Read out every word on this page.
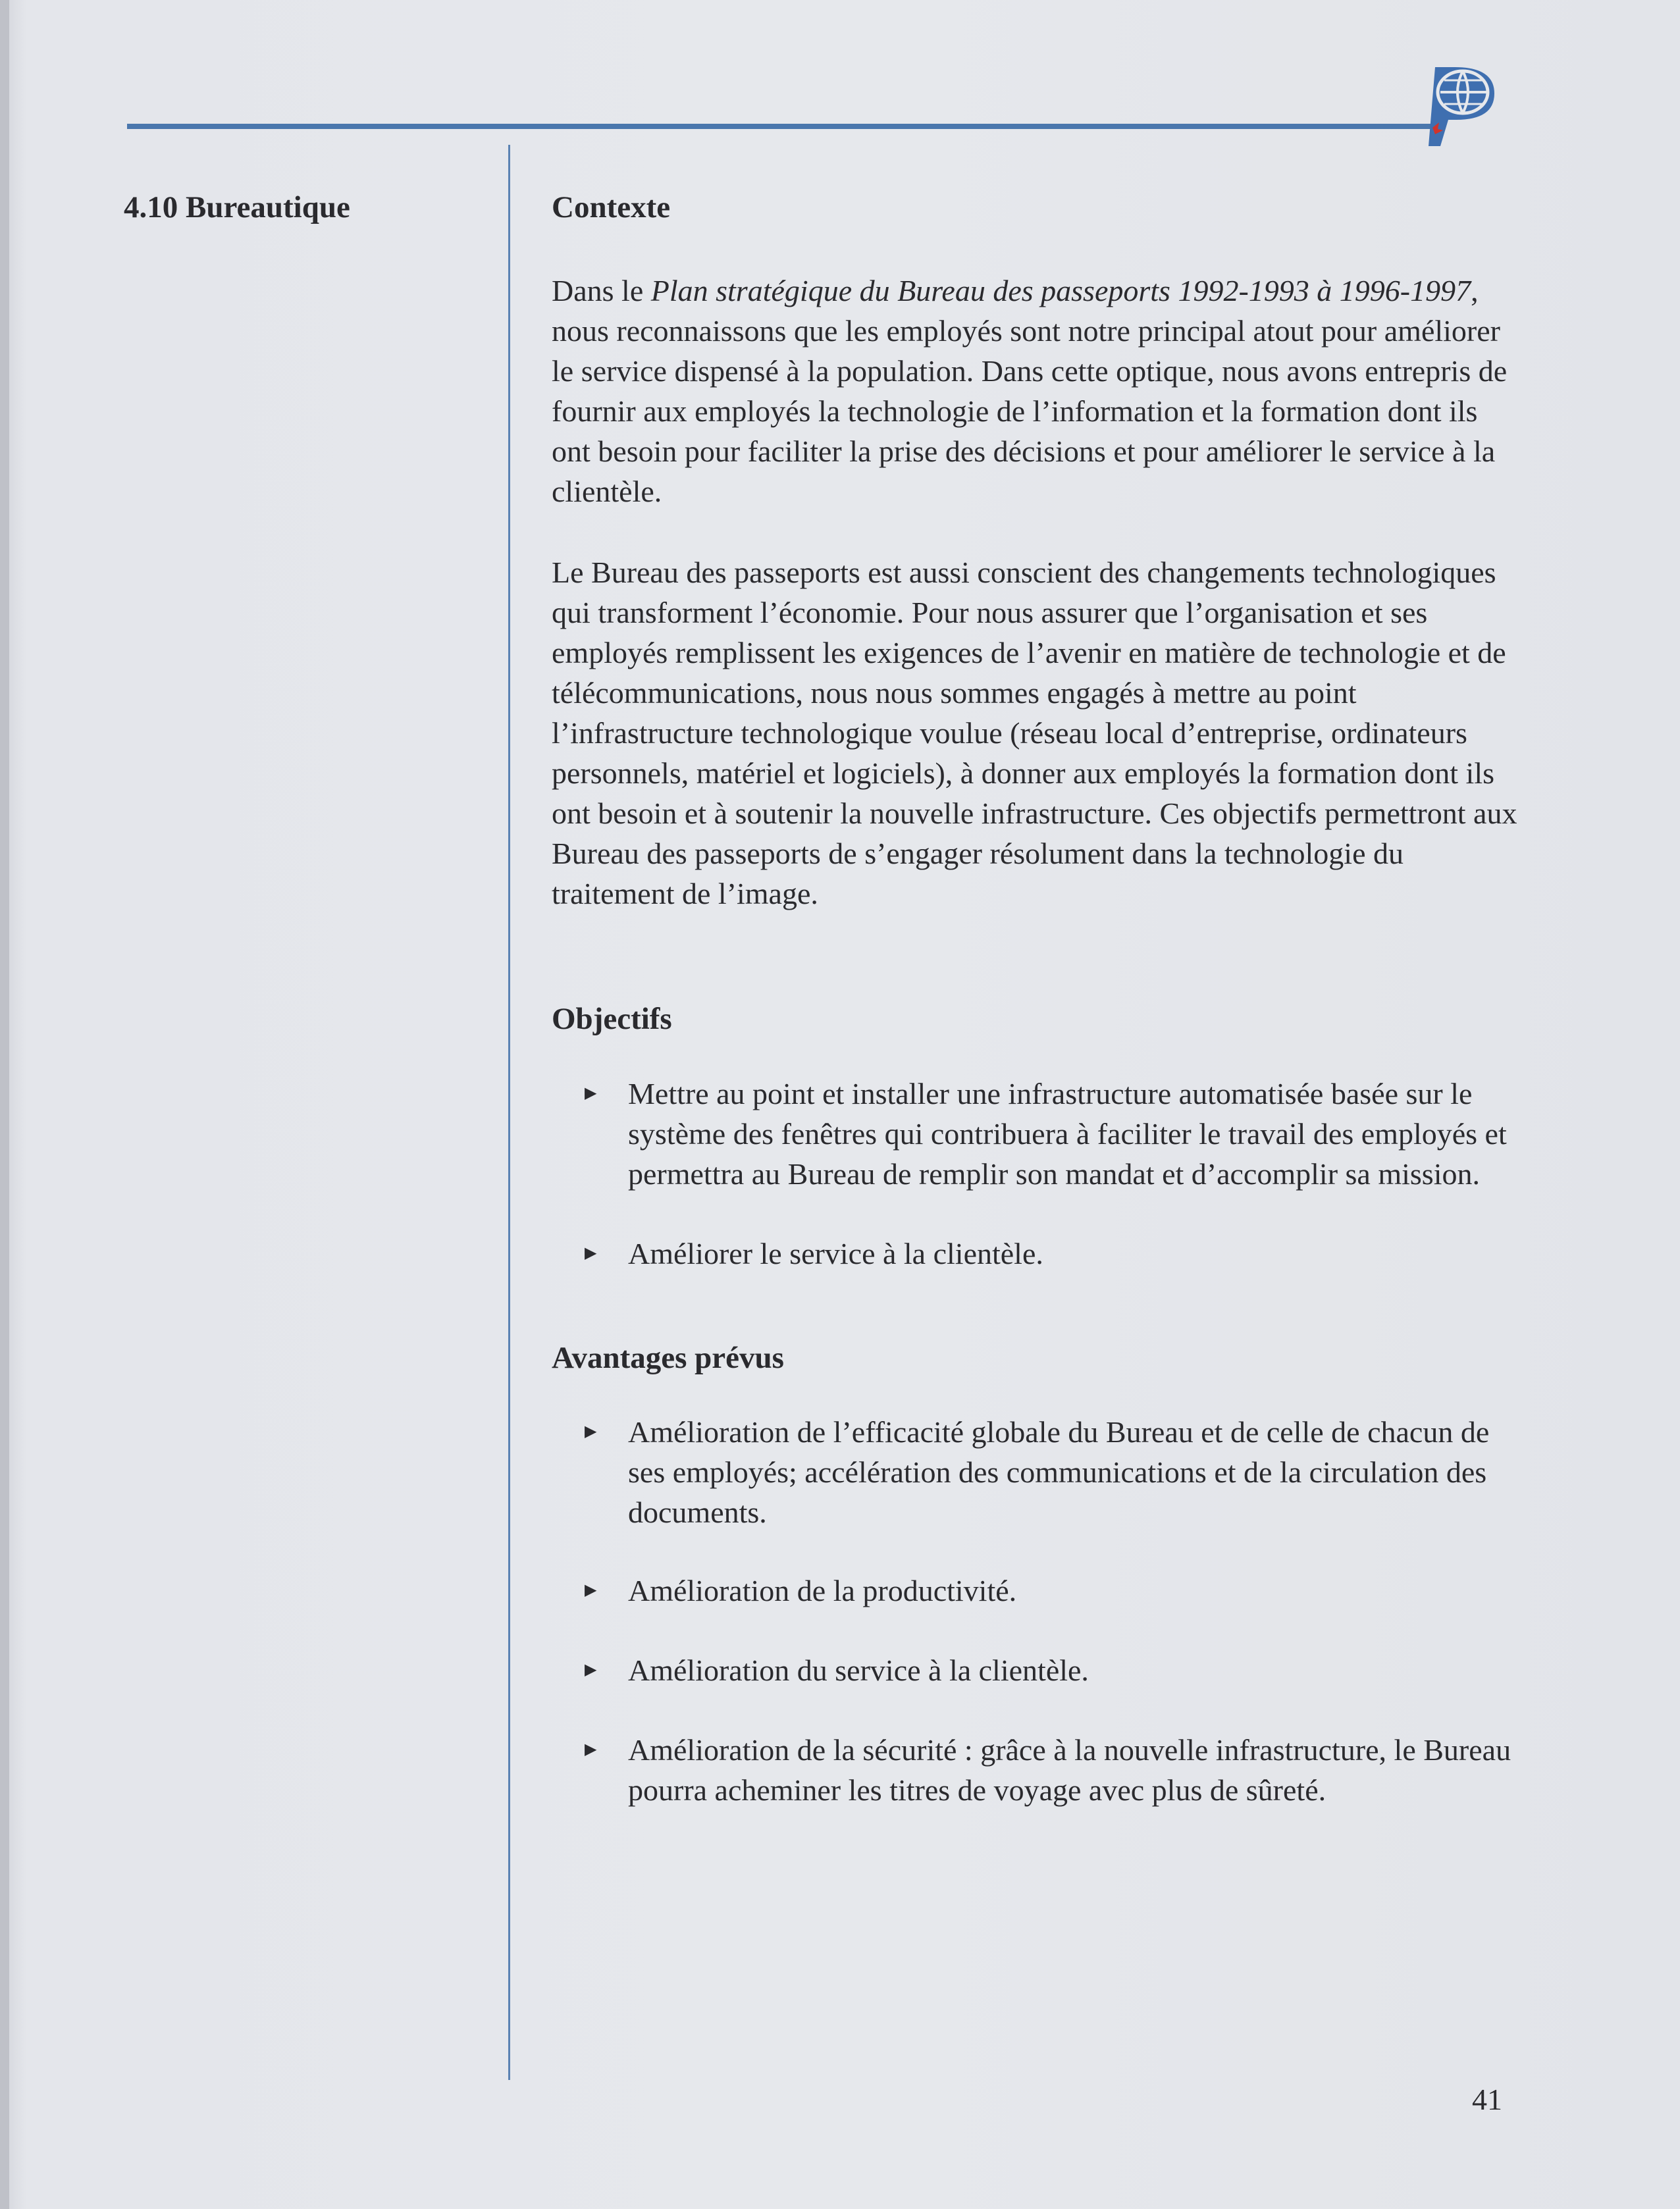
4.10 Bureautique	Contexte

Dans le Plan stratégique du Bureau des passeports 1992-1993 à 1996-1997, nous reconnaissons que les employés sont notre principal atout pour améliorer le service dispensé à la population. Dans cette optique, nous avons entrepris de fournir aux employés la technologie de l’information et la formation dont ils ont besoin pour faciliter la prise des décisions et pour améliorer le service à la clientèle.

Le Bureau des passeports est aussi conscient des changements technologiques qui transforment l’économie. Pour nous assurer que l’organisation et ses employés remplissent les exigences de l’avenir en matière de technologie et de télécommunications, nous nous sommes engagés à mettre au point l’infrastructure technologique voulue (réseau local d’entreprise, ordinateurs personnels, matériel et logiciels), à donner aux employés la formation dont ils ont besoin et à soutenir la nouvelle infrastructure. Ces objectifs permettront aux Bureau des passeports de s’engager résolument dans la technologie du traitement de l’image.

Objectifs
▶ Mettre au point et installer une infrastructure automatisée basée sur le système des fenêtres qui contribuera à faciliter le travail des employés et permettra au Bureau de remplir son mandat et d’accomplir sa mission.
▶ Améliorer le service à la clientèle.
Avantages prévus
▶ Amélioration de l’efficacité globale du Bureau et de celle de chacun de ses employés; accélération des communications et de la circulation des documents.
▶ Amélioration de la productivité.
▶ Amélioration du service à la clientèle.
▶ Amélioration de la sécurité : grâce à la nouvelle infrastructure, le Bureau pourra acheminer les titres de voyage avec plus de sûreté.

41
